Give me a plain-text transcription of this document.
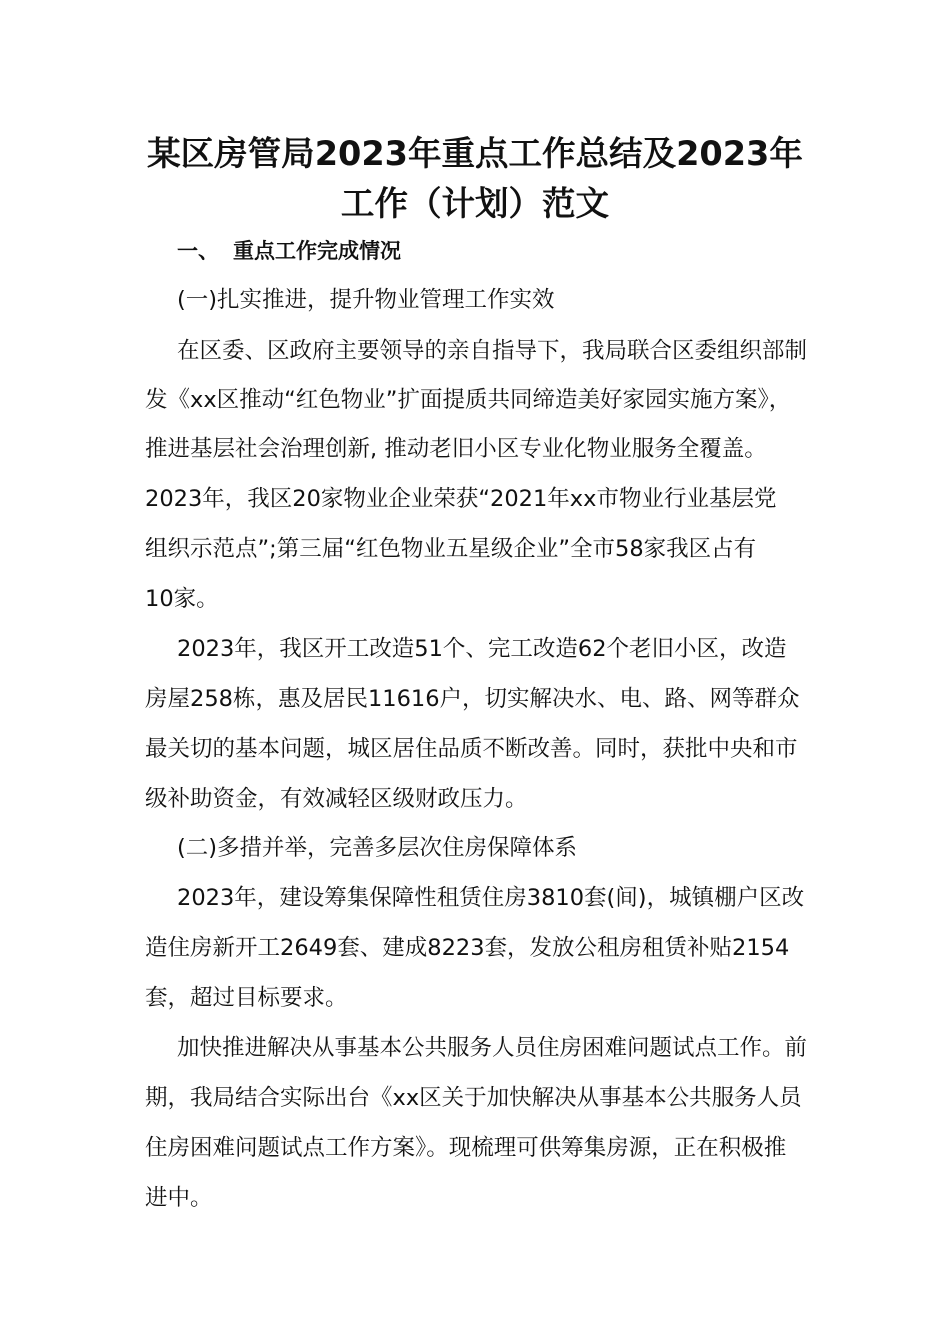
某区房管局2023年重点工作总结及2023年
工作（计划）范文
一、 重点工作完成情况
(一)扎实推进，提升物业管理工作实效
在区委、区政府主要领导的亲自指导下，我局联合区委组织部制
发《xx区推动“红色物业”扩面提质共同缔造美好家园实施方案》，
推进基层社会治理创新, 推动老旧小区专业化物业服务全覆盖。
2023年，我区20家物业企业荣获“2021年xx市物业行业基层党
组织示范点”;第三届“红色物业五星级企业”全市58家我区占有
10家。
2023年，我区开工改造51个、完工改造62个老旧小区，改造
房屋258栋，惠及居民11616户，切实解决水、电、路、网等群众
最关切的基本问题，城区居住品质不断改善。同时，获批中央和市
级补助资金，有效减轻区级财政压力。
(二)多措并举，完善多层次住房保障体系
2023年，建设筹集保障性租赁住房3810套(间)，城镇棚户区改
造住房新开工2649套、建成8223套，发放公租房租赁补贴2154
套，超过目标要求。
加快推进解决从事基本公共服务人员住房困难问题试点工作。前
期，我局结合实际出台《xx区关于加快解决从事基本公共服务人员
住房困难问题试点工作方案》。现梳理可供筹集房源，正在积极推
进中。
